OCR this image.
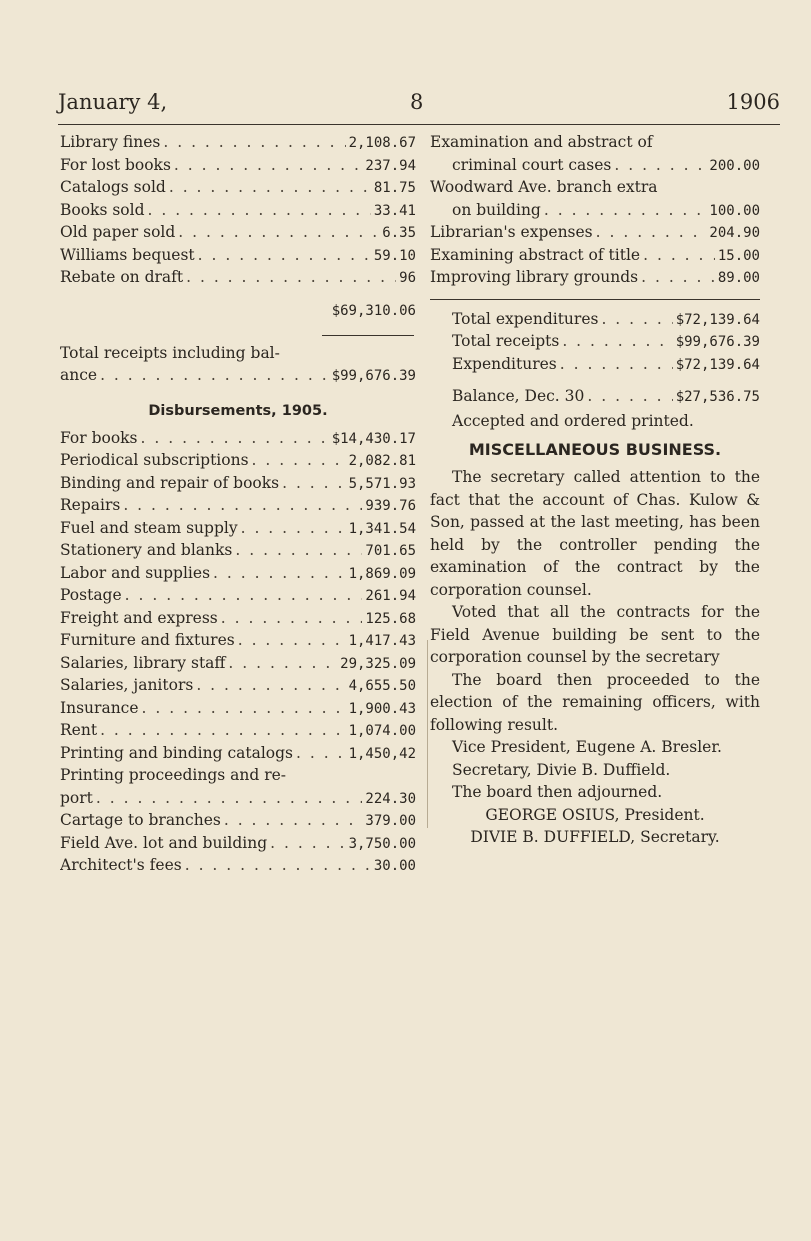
January 4,	8	1906
Library fines . . .	2,108.67
For lost books . . .	237.94
Catalogs sold . . .	81.75
Books sold . . .	33.41
Old paper sold . . .	6.35
Williams bequest . . .	59.10
Rebate on draft . . .	96
$69,310.06
Total receipts including bal-
ance . . .	$99,676.39
Disbursements, 1905.
For books . . .	$14,430.17
Periodical subscriptions . . .	2,082.81
Binding and repair of books . . .	5,571.93
Repairs . . .	939.76
Fuel and steam supply . . .	1,341.54
Stationery and blanks . . .	701.65
Labor and supplies . . .	1,869.09
Postage . . .	261.94
Freight and express . . .	125.68
Furniture and fixtures . . .	1,417.43
Salaries, library staff . . .	29,325.09
Salaries, janitors . . .	4,655.50
Insurance . . .	1,900.43
Rent . . .	1,074.00
Printing and binding catalogs . . .	1,450,42
Printing proceedings and re-
port . . .	224.30
Cartage to branches . . .	379.00
Field Ave. lot and building . . .	3,750.00
Architect's fees . . .	30.00
Examination and abstract of
criminal court cases . . .	200.00
Woodward Ave. branch extra
on building . . .	100.00
Librarian's expenses . . .	204.90
Examining abstract of title . . .	15.00
Improving library grounds . . .	89.00
Total expenditures . . .	$72,139.64
Total receipts . . .	$99,676.39
Expenditures . . .	$72,139.64
Balance, Dec. 30 . . .	$27,536.75

Accepted and ordered printed.

MISCELLANEOUS BUSINESS.

The secretary called attention to the fact that the account of Chas. Kulow & Son, passed at the last meeting, has been held by the controller pending the examination of the contract by the corporation counsel.

Voted that all the contracts for the Field Avenue building be sent to the corporation counsel by the secretary

The board then proceeded to the election of the remaining officers, with following result.

Vice President, Eugene A. Bresler.

Secretary, Divie B. Duffield.

The board then adjourned.

GEORGE OSIUS, President.

DIVIE B. DUFFIELD, Secretary.
